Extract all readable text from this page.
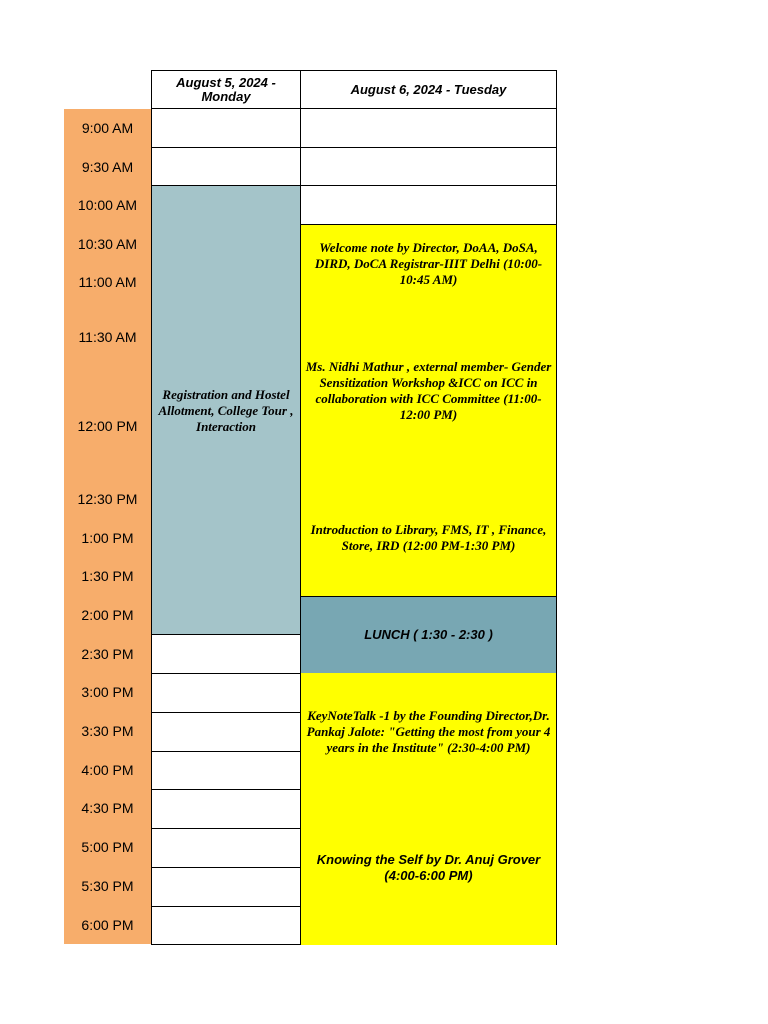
9:00 AM
9:30 AM
10:00 AM
10:30 AM
11:00 AM
11:30 AM
12:00 PM
12:30 PM
1:00 PM
1:30 PM
2:00 PM
2:30 PM
3:00 PM
3:30 PM
4:00 PM
4:30 PM
5:00 PM
5:30 PM
6:00 PM
August 5, 2024 - Monday	August 6, 2024 - Tuesday
Registration and Hostel Allotment, College Tour , Interaction
Welcome note by Director, DoAA, DoSA, DIRD, DoCA Registrar-IIIT Delhi (10:00-10:45 AM)
Ms. Nidhi Mathur , external member- Gender Sensitization Workshop &ICC on ICC in collaboration with ICC Committee (11:00-12:00 PM)
Introduction to Library, FMS, IT , Finance, Store, IRD (12:00 PM-1:30 PM)
LUNCH ( 1:30 - 2:30 )
KeyNoteTalk -1 by the Founding Director,Dr. Pankaj Jalote: "Getting the most from your 4 years in the Institute" (2:30-4:00 PM)
Knowing the Self by Dr. Anuj Grover (4:00-6:00 PM)
